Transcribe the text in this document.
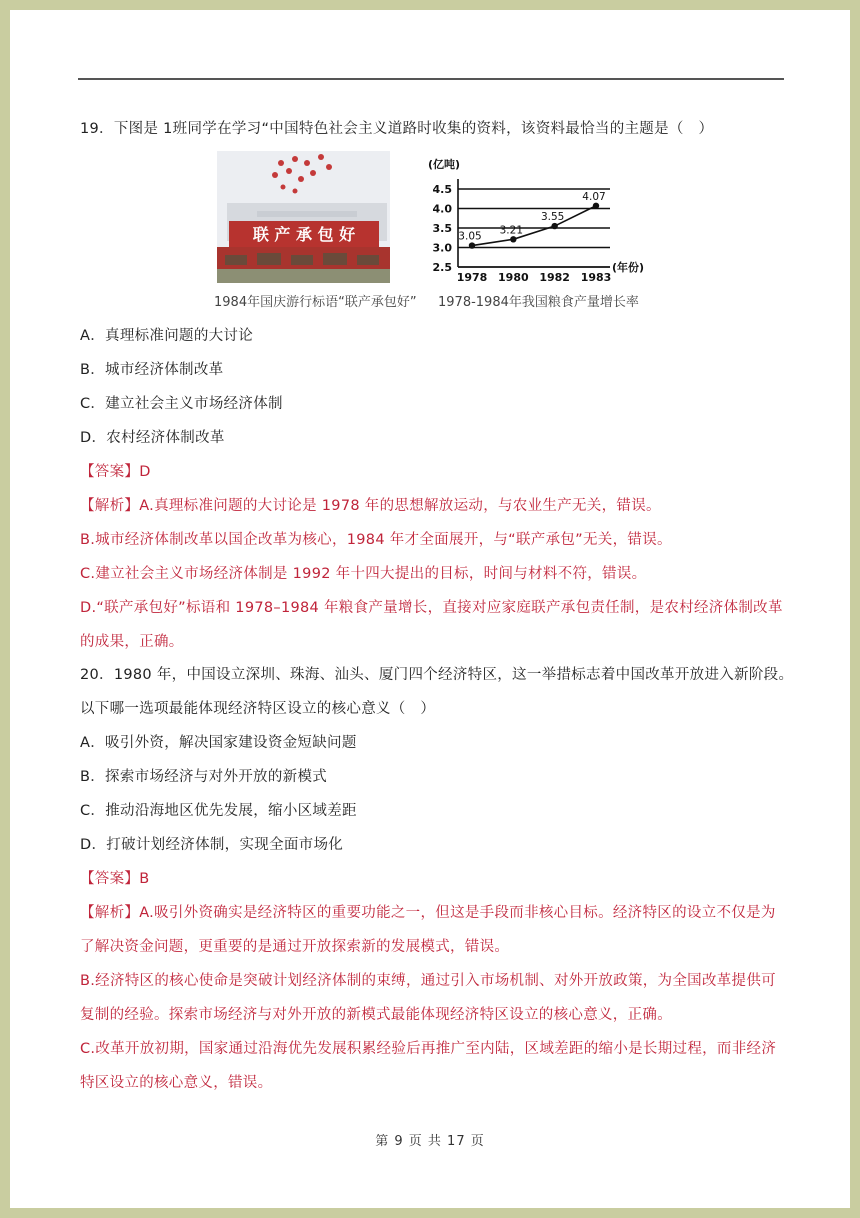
19．下图是 1班同学在学习“中国特色社会主义道路时收集的资料，该资料最恰当的主题是（　）
联 产 承 包 好
1984年国庆游行标语“联产承包好”
(亿吨)
(年份)
2.5
3.0
3.5
4.0
4.5
1978 1980 1982 1983
3.05
3.21
3.55
4.07
1978-1984年我国粮食产量增长率
A．真理标准问题的大讨论
B．城市经济体制改革
C．建立社会主义市场经济体制
D．农村经济体制改革
【答案】D
【解析】A.真理标准问题的大讨论是 1978 年的思想解放运动，与农业生产无关，错误。
B.城市经济体制改革以国企改革为核心，1984 年才全面展开，与“联产承包”无关，错误。
C.建立社会主义市场经济体制是 1992 年十四大提出的目标，时间与材料不符，错误。
D.“联产承包好”标语和 1978–1984 年粮食产量增长，直接对应家庭联产承包责任制，是农村经济体制改革
的成果，正确。
20．1980 年，中国设立深圳、珠海、汕头、厦门四个经济特区，这一举措标志着中国改革开放进入新阶段。
以下哪一选项最能体现经济特区设立的核心意义（　）
A．吸引外资，解决国家建设资金短缺问题
B．探索市场经济与对外开放的新模式
C．推动沿海地区优先发展，缩小区域差距
D．打破计划经济体制，实现全面市场化
【答案】B
【解析】A.吸引外资确实是经济特区的重要功能之一，但这是手段而非核心目标。经济特区的设立不仅是为
了解决资金问题，更重要的是通过开放探索新的发展模式，错误。
B.经济特区的核心使命是突破计划经济体制的束缚，通过引入市场机制、对外开放政策，为全国改革提供可
复制的经验。探索市场经济与对外开放的新模式最能体现经济特区设立的核心意义，正确。
C.改革开放初期，国家通过沿海优先发展积累经验后再推广至内陆，区域差距的缩小是长期过程，而非经济
特区设立的核心意义，错误。
第 9 页 共 17 页
